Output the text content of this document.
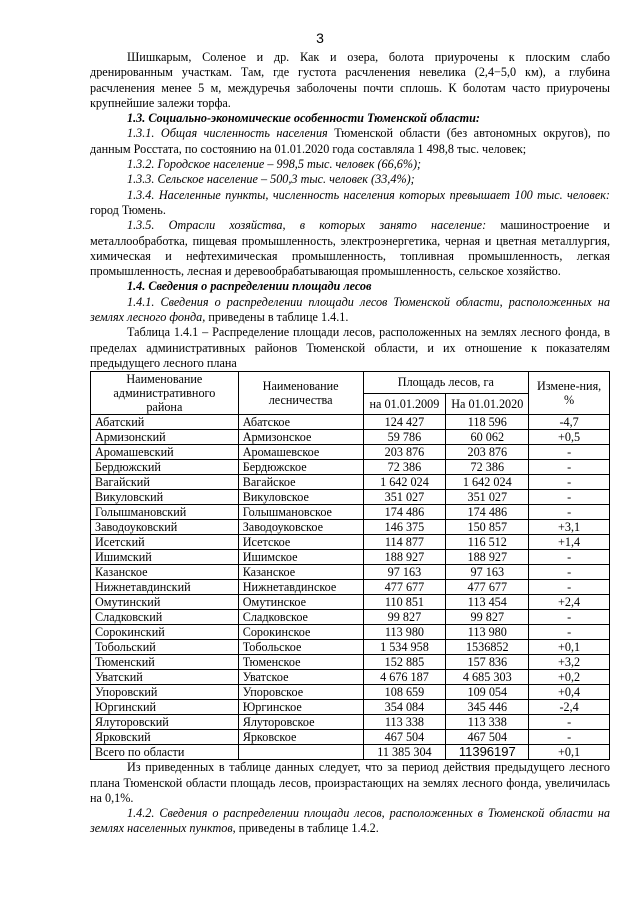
3

Шишкарым, Соленое и др. Как и озера, болота приурочены к плоским слабо дренированным участкам. Там, где густота расчленения невелика (2,4−5,0 км), а глубина расчленения менее 5 м, междуречья заболочены почти сплошь. К болотам часто приурочены крупнейшие залежи торфа.

1.3. Социально-экономические особенности Тюменской области:

1.3.1. Общая численность населения Тюменской области (без автономных округов), по данным Росстата, по состоянию на 01.01.2020 года составляла 1 498,8 тыс. человек;

1.3.2. Городское население – 998,5 тыс. человек (66,6%);

1.3.3. Сельское население – 500,3 тыс. человек (33,4%);

1.3.4. Населенные пункты, численность населения которых превышает 100 тыс. человек: город Тюмень.

1.3.5. Отрасли хозяйства, в которых занято население: машиностроение и металлообработка, пищевая промышленность, электроэнергетика, черная и цветная металлургия, химическая и нефтехимическая промышленность, топливная промышленность, легкая промышленность, лесная и деревообрабатывающая промышленность, сельское хозяйство.

1.4. Сведения о распределении площади лесов

1.4.1. Сведения о распределении площади лесов Тюменской области, расположенных на землях лесного фонда, приведены в таблице 1.4.1.

Таблица 1.4.1 – Распределение площади лесов, расположенных на землях лесного фонда, в пределах административных районов Тюменской области, и их отношение к показателям предыдущего лесного плана

Наименование административного района	Наименование лесничества	Площадь лесов, га		Измене-ния, %
		на 01.01.2009	На 01.01.2020	
Абатский	Абатское	124 427	118 596	-4,7
Армизонский	Армизонское	59 786	60 062	+0,5
Аромашевский	Аромашевское	203 876	203 876	-
Бердюжский	Бердюжское	72 386	72 386	-
Вагайский	Вагайское	1 642 024	1 642 024	-
Викуловский	Викуловское	351 027	351 027	-
Голышмановский	Голышмановское	174 486	174 486	-
Заводоуковский	Заводоуковское	146 375	150 857	+3,1
Исетский	Исетское	114 877	116 512	+1,4
Ишимский	Ишимское	188 927	188 927	-
Казанское	Казанское	97 163	97 163	-
Нижнетавдинский	Нижнетавдинское	477 677	477 677	-
Омутинский	Омутинское	110 851	113 454	+2,4
Сладковский	Сладковское	99 827	99 827	-
Сорокинский	Сорокинское	113 980	113 980	-
Тобольский	Тобольское	1 534 958	1536852	+0,1
Тюменский	Тюменское	152 885	157 836	+3,2
Уватский	Уватское	4 676 187	4 685 303	+0,2
Упоровский	Упоровское	108 659	109 054	+0,4
Юргинский	Юргинское	354 084	345 446	-2,4
Ялуторовский	Ялуторовское	113 338	113 338	-
Ярковский	Ярковское	467 504	467 504	-
Всего по области		11 385 304	11396197	+0,1

Из приведенных в таблице данных следует, что за период действия предыдущего лесного плана Тюменской области площадь лесов, произрастающих на землях лесного фонда, увеличилась на 0,1%.

1.4.2. Сведения о распределении площади лесов, расположенных в Тюменской области на землях населенных пунктов, приведены в таблице 1.4.2.
